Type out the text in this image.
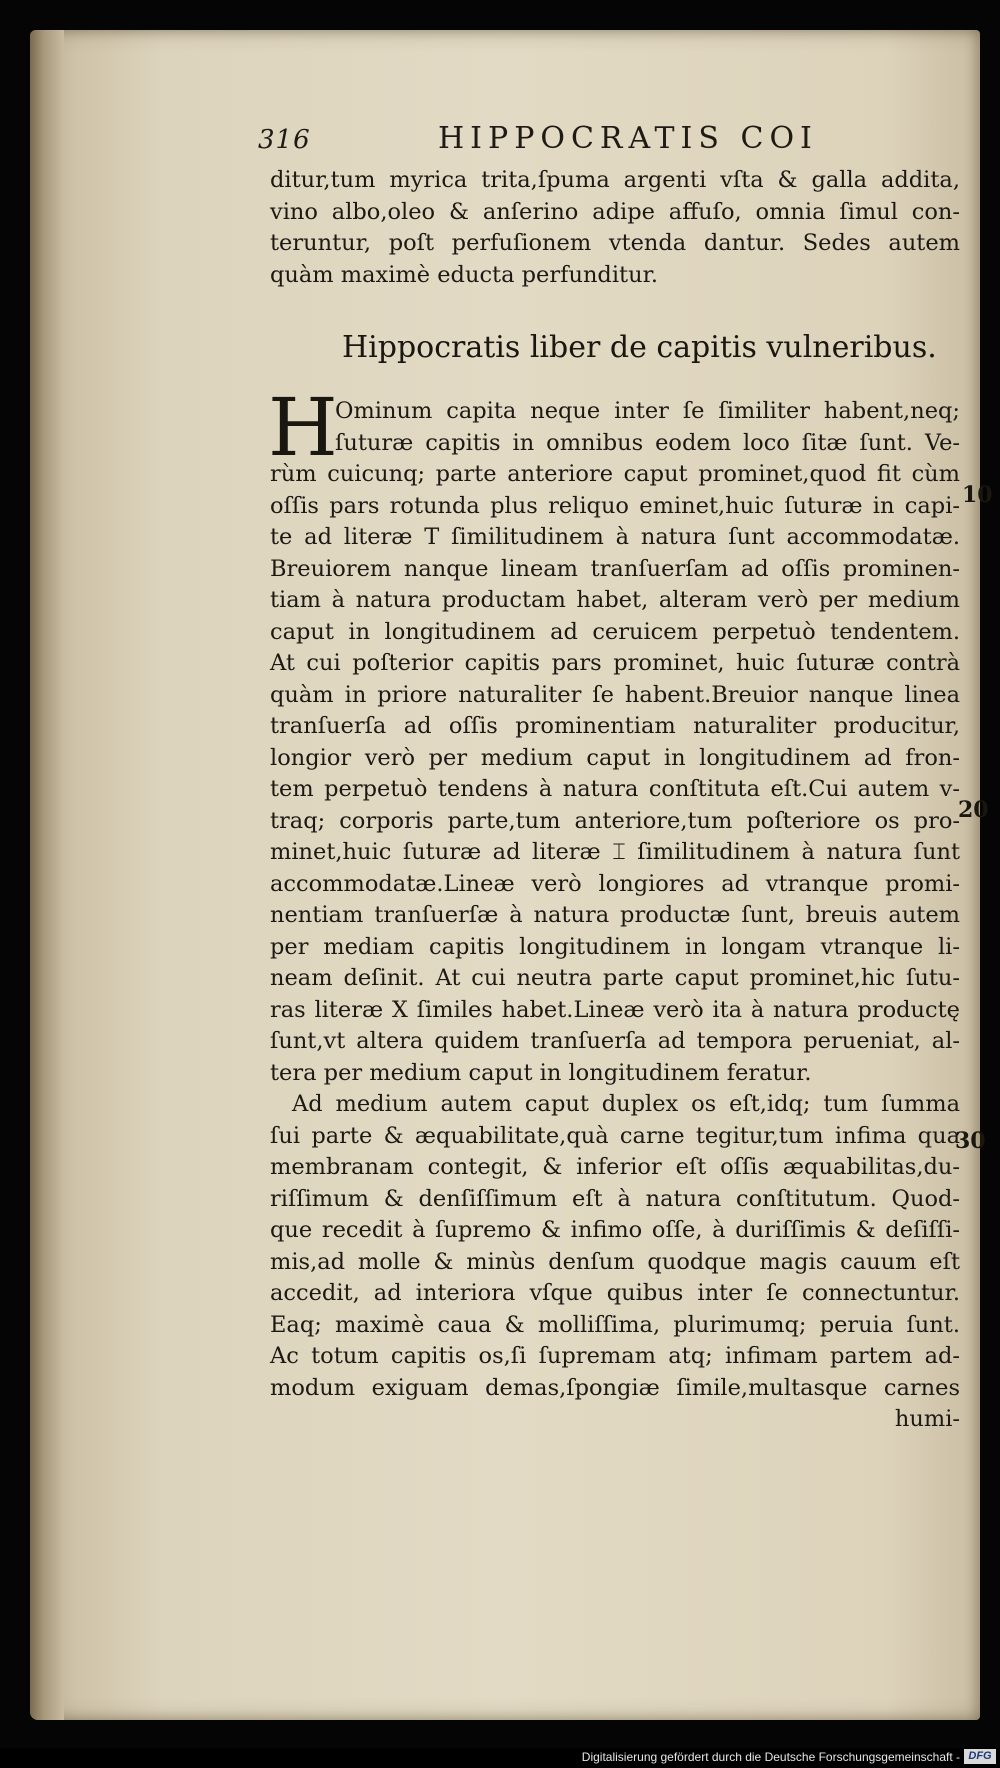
316	HIPPOCRATIS COI
ditur,tum myrica trita,ſpuma argenti vſta & galla addita,
vino albo,oleo & anſerino adipe affuſo, omnia ſimul con-
teruntur, poſt perfuſionem vtenda dantur. Sedes autem
quàm maximè educta perfunditur.
Hippocratis liber de capitis vulneribus.
H
Ominum capita neque inter ſe ſimiliter habent,neq;
ſuturæ capitis in omnibus eodem loco ſitæ ſunt. Ve-
rùm cuicunq; parte anteriore caput prominet,quod fit cùm
oſſis pars rotunda plus reliquo eminet,huic ſuturæ in capi-
te ad literæ T ſimilitudinem à natura ſunt accommodatæ.
Breuiorem nanque lineam tranſuerſam ad oſſis prominen-
tiam à natura productam habet, alteram verò per medium
caput in longitudinem ad ceruicem perpetuò tendentem.
At cui poſterior capitis pars prominet, huic ſuturæ contrà
quàm in priore naturaliter ſe habent.Breuior nanque linea
tranſuerſa ad oſſis prominentiam naturaliter producitur,
longior verò per medium caput in longitudinem ad fron-
tem perpetuò tendens à natura conſtituta eſt.Cui autem v-
traq; corporis parte,tum anteriore,tum poſteriore os pro-
minet,huic ſuturæ ad literæ ⌶ ſimilitudinem à natura ſunt
accommodatæ.Lineæ verò longiores ad vtranque promi-
nentiam tranſuerſæ à natura productæ ſunt, breuis autem
per mediam capitis longitudinem in longam vtranque li-
neam deſinit. At cui neutra parte caput prominet,hic ſutu-
ras literæ X ſimiles habet.Lineæ verò ita à natura productę
ſunt,vt altera quidem tranſuerſa ad tempora perueniat, al-
tera per medium caput in longitudinem feratur.
Ad medium autem caput duplex os eſt,idq; tum ſumma
ſui parte & æquabilitate,quà carne tegitur,tum infima qua
membranam contegit, & inferior eſt oſſis æquabilitas,du-
riſſimum & denſiſſimum eſt à natura conſtitutum. Quod-
que recedit à ſupremo & infimo oſſe, à duriſſimis & deſiſſi-
mis,ad molle & minùs denſum quodque magis cauum eſt
accedit, ad interiora vſque quibus inter ſe connectuntur.
Eaq; maximè caua & molliſſima, plurimumq; peruia ſunt.
Ac totum capitis os,ſi ſupremam atq; infimam partem ad-
modum exiguam demas,ſpongiæ ſimile,multasque carnes
humi-
10
20
30
Digitalisierung gefördert durch die Deutsche Forschungsgemeinschaft - DFG
